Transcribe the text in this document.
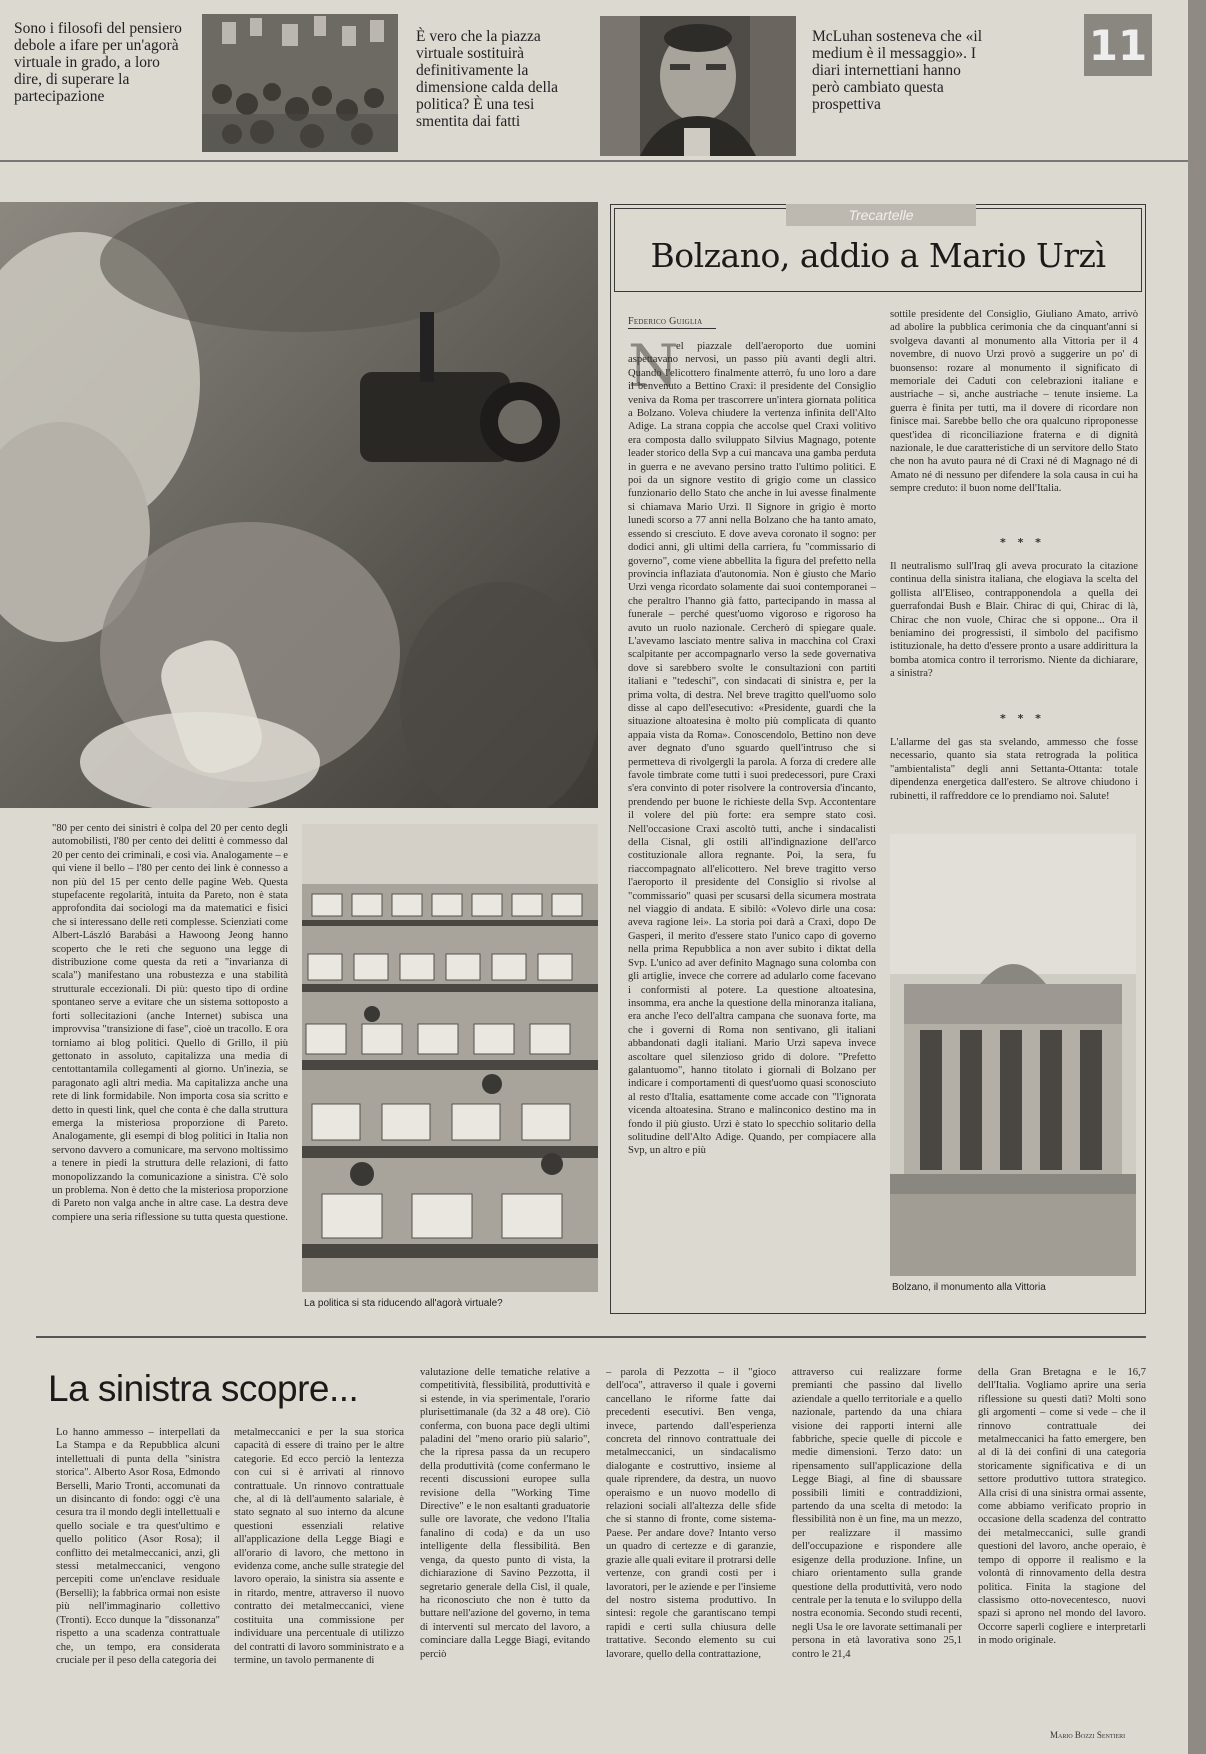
Sono i filosofi del pensiero debole a ifare per un'agorà virtuale in grado, a loro dire, di superare la partecipazione
È vero che la piazza virtuale sostituirà definitivamente la dimensione calda della politica? È una tesi smentita dai fatti
McLuhan sosteneva che «il medium è il messaggio». I diari internettiani hanno però cambiato questa prospettiva
11
Trecartelle
Bolzano, addio a Mario Urzì
Federico Guiglia
N
el piazzale dell'aeroporto due uomini aspettavano nervosi, un passo più avanti degli altri. Quando l'elicottero finalmente atterrò, fu uno loro a dare il benvenuto a Bettino Craxi: il presidente del Consiglio veniva da Roma per trascorrere un'intera giornata politica a Bolzano. Voleva chiudere la vertenza infinita dell'Alto Adige. La strana coppia che accolse quel Craxi volitivo era composta dallo sviluppato Silvius Magnago, potente leader storico della Svp a cui mancava una gamba perduta in guerra e ne avevano persino tratto l'ultimo politici. E poi da un signore vestito di grigio come un classico funzionario dello Stato che anche in lui avesse finalmente si chiamava Mario Urzì. Il Signore in grigio è morto lunedì scorso a 77 anni nella Bolzano che ha tanto amato, essendo si cresciuto. E dove aveva coronato il sogno: per dodici anni, gli ultimi della carriera, fu "commissario di governo", come viene abbellita la figura del prefetto nella provincia inflaziata d'autonomia. Non è giusto che Mario Urzì venga ricordato solamente dai suoi contemporanei – che peraltro l'hanno già fatto, partecipando in massa al funerale – perché quest'uomo vigoroso e rigoroso ha avuto un ruolo nazionale. Cercherò di spiegare quale. L'avevamo lasciato mentre saliva in macchina col Craxi scalpitante per accompagnarlo verso la sede governativa dove si sarebbero svolte le consultazioni con partiti italiani e "tedeschi", con sindacati di sinistra e, per la prima volta, di destra. Nel breve tragitto quell'uomo solo disse al capo dell'esecutivo: «Presidente, guardi che la situazione altoatesina è molto più complicata di quanto appaia vista da Roma». Conoscendolo, Bettino non deve aver degnato d'uno sguardo quell'intruso che si permetteva di rivolgergli la parola. A forza di credere alle favole timbrate come tutti i suoi predecessori, pure Craxi s'era convinto di poter risolvere la controversia d'incanto, prendendo per buone le richieste della Svp. Accontentare il volere del più forte: era sempre stato così. Nell'occasione Craxi ascoltò tutti, anche i sindacalisti della Cisnal, gli ostili all'indignazione dell'arco costituzionale allora regnante. Poi, la sera, fu riaccompagnato all'elicottero. Nel breve tragitto verso l'aeroporto il presidente del Consiglio si rivolse al "commissario" quasi per scusarsi della sicumera mostrata nel viaggio di andata. E sibilò: «Volevo dirle una cosa: aveva ragione lei». La storia poi darà a Craxi, dopo De Gasperi, il merito d'essere stato l'unico capo di governo nella prima Repubblica a non aver subito i diktat della Svp. L'unico ad aver definito Magnago suna colomba con gli artiglie, invece che correre ad adularlo come facevano i conformisti al potere. La questione altoatesina, insomma, era anche la questione della minoranza italiana, era anche l'eco dell'altra campana che suonava forte, ma che i governi di Roma non sentivano, gli italiani abbandonati dagli italiani. Mario Urzì sapeva invece ascoltare quel silenzioso grido di dolore. "Prefetto galantuomo", hanno titolato i giornali di Bolzano per indicare i comportamenti di quest'uomo quasi sconosciuto al resto d'Italia, esattamente come accade con "l'ignorata vicenda altoatesina. Strano e malinconico destino ma in fondo il più giusto. Urzì è stato lo specchio solitario della solitudine dell'Alto Adige. Quando, per compiacere alla Svp, un altro e più
sottile presidente del Consiglio, Giuliano Amato, arrivò ad abolire la pubblica cerimonia che da cinquant'anni si svolgeva davanti al monumento alla Vittoria per il 4 novembre, di nuovo Urzì provò a suggerire un po' di buonsenso: rozare al monumento il significato di memoriale dei Caduti con celebrazioni italiane e austriache – sì, anche austriache – tenute insieme. La guerra è finita per tutti, ma il dovere di ricordare non finisce mai. Sarebbe bello che ora qualcuno riproponesse quest'idea di riconciliazione fraterna e di dignità nazionale, le due caratteristiche di un servitore dello Stato che non ha avuto paura né di Craxi né di Magnago né di Amato né di nessuno per difendere la sola causa in cui ha sempre creduto: il buon nome dell'Italia.
* * *
Il neutralismo sull'Iraq gli aveva procurato la citazione continua della sinistra italiana, che elogiava la scelta del gollista all'Eliseo, contrapponendola a quella dei guerrafondai Bush e Blair. Chirac di qui, Chirac di là, Chirac che non vuole, Chirac che si oppone... Ora il beniamino dei progressisti, il simbolo del pacifismo istituzionale, ha detto d'essere pronto a usare addirittura la bomba atomica contro il terrorismo. Niente da dichiarare, a sinistra?
* * *
L'allarme del gas sta svelando, ammesso che fosse necessario, quanto sia stata retrograda la politica "ambientalista" degli anni Settanta-Ottanta: totale dipendenza energetica dall'estero. Se altrove chiudono i rubinetti, il raffreddore ce lo prendiamo noi. Salute!
Bolzano, il monumento alla Vittoria
"80 per cento dei sinistri è colpa del 20 per cento degli automobilisti, l'80 per cento dei delitti è commesso dal 20 per cento dei criminali, e così via. Analogamente – e qui viene il bello – l'80 per cento dei link è connesso a non più del 15 per cento delle pagine Web. Questa stupefacente regolarità, intuita da Pareto, non è stata approfondita dai sociologi ma da matematici e fisici che si interessano delle reti complesse. Scienziati come Albert-László Barabási a Hawoong Jeong hanno scoperto che le reti che seguono una legge di distribuzione come questa da reti a "invarianza di scala") manifestano una robustezza e una stabilità strutturale eccezionali. Di più: questo tipo di ordine spontaneo serve a evitare che un sistema sottoposto a forti sollecitazioni (anche Internet) subisca una improvvisa "transizione di fase", cioè un tracollo. E ora torniamo ai blog politici. Quello di Grillo, il più gettonato in assoluto, capitalizza una media di centottantamila collegamenti al giorno. Un'inezia, se paragonato agli altri media. Ma capitalizza anche una rete di link formidabile. Non importa cosa sia scritto e detto in questi link, quel che conta è che dalla struttura emerga la misteriosa proporzione di Pareto. Analogamente, gli esempi di blog politici in Italia non servono davvero a comunicare, ma servono moltissimo a tenere in piedi la struttura delle relazioni, di fatto monopolizzando la comunicazione a sinistra. C'è solo un problema. Non è detto che la misteriosa proporzione di Pareto non valga anche in altre case. La destra deve compiere una seria riflessione su tutta questa questione.
La politica si sta riducendo all'agorà virtuale?
La sinistra scopre...
Lo hanno ammesso – interpellati da La Stampa e da Repubblica alcuni intellettuali di punta della "sinistra storica". Alberto Asor Rosa, Edmondo Berselli, Mario Tronti, accomunati da un disincanto di fondo: oggi c'è una cesura tra il mondo degli intellettuali e quello sociale e tra quest'ultimo e quello politico (Asor Rosa); il conflitto dei metalmeccanici, anzi, gli stessi metalmeccanici, vengono percepiti come un'enclave residuale (Berselli); la fabbrica ormai non esiste più nell'immaginario collettivo (Tronti). Ecco dunque la "dissonanza" rispetto a una scadenza contrattuale che, un tempo, era considerata cruciale per il peso della categoria dei
metalmeccanici e per la sua storica capacità di essere di traino per le altre categorie. Ed ecco perciò la lentezza con cui si è arrivati al rinnovo contrattuale. Un rinnovo contrattuale che, al di là dell'aumento salariale, è stato segnato al suo interno da alcune questioni essenziali relative all'applicazione della Legge Biagi e all'orario di lavoro, che mettono in evidenza come, anche sulle strategie del lavoro operaio, la sinistra sia assente e in ritardo, mentre, attraverso il nuovo contratto dei metalmeccanici, viene costituita una commissione per individuare una percentuale di utilizzo del contratti di lavoro somministrato e a termine, un tavolo permanente di
valutazione delle tematiche relative a competitività, flessibilità, produttività e si estende, in via sperimentale, l'orario plurisettimanale (da 32 a 48 ore). Ciò conferma, con buona pace degli ultimi paladini del "meno orario più salario", che la ripresa passa da un recupero della produttività (come confermano le recenti discussioni europee sulla revisione della "Working Time Directive" e le non esaltanti graduatorie sulle ore lavorate, che vedono l'Italia fanalino di coda) e da un uso intelligente della flessibilità. Ben venga, da questo punto di vista, la dichiarazione di Savino Pezzotta, il segretario generale della Cisl, il quale, ha riconosciuto che non è tutto da buttare nell'azione del governo, in tema di interventi sul mercato del lavoro, a cominciare dalla Legge Biagi, evitando perciò
– parola di Pezzotta – il "gioco dell'oca", attraverso il quale i governi cancellano le riforme fatte dai precedenti esecutivi. Ben venga, invece, partendo dall'esperienza concreta del rinnovo contrattuale dei metalmeccanici, un sindacalismo dialogante e costruttivo, insieme al quale riprendere, da destra, un nuovo operaismo e un nuovo modello di relazioni sociali all'altezza delle sfide che si stanno di fronte, come sistema-Paese. Per andare dove? Intanto verso un quadro di certezze e di garanzie, grazie alle quali evitare il protrarsi delle vertenze, con grandi costi per i lavoratori, per le aziende e per l'insieme del nostro sistema produttivo. In sintesi: regole che garantiscano tempi rapidi e certi sulla chiusura delle trattative. Secondo elemento su cui lavorare, quello della contrattazione,
attraverso cui realizzare forme premianti che passino dal livello aziendale a quello territoriale e a quello nazionale, partendo da una chiara visione dei rapporti interni alle fabbriche, specie quelle di piccole e medie dimensioni. Terzo dato: un ripensamento sull'applicazione della Legge Biagi, al fine di sbaussare possibili limiti e contraddizioni, partendo da una scelta di metodo: la flessibilità non è un fine, ma un mezzo, per realizzare il massimo dell'occupazione e rispondere alle esigenze della produzione. Infine, un chiaro orientamento sulla grande questione della produttività, vero nodo centrale per la tenuta e lo sviluppo della nostra economia. Secondo studi recenti, negli Usa le ore lavorate settimanali per persona in età lavorativa sono 25,1 contro le 21,4
della Gran Bretagna e le 16,7 dell'Italia. Vogliamo aprire una seria riflessione su questi dati? Molti sono gli argomenti – come si vede – che il rinnovo contrattuale dei metalmeccanici ha fatto emergere, ben al di là dei confini di una categoria storicamente significativa e di un settore produttivo tuttora strategico. Alla crisi di una sinistra ormai assente, come abbiamo verificato proprio in occasione della scadenza del contratto dei metalmeccanici, sulle grandi questioni del lavoro, anche operaio, è tempo di opporre il realismo e la volontà di rinnovamento della destra politica. Finita la stagione del classismo otto-novecentesco, nuovi spazi si aprono nel mondo del lavoro. Occorre saperli cogliere e interpretarli in modo originale.
Mario Bozzi Sentieri
